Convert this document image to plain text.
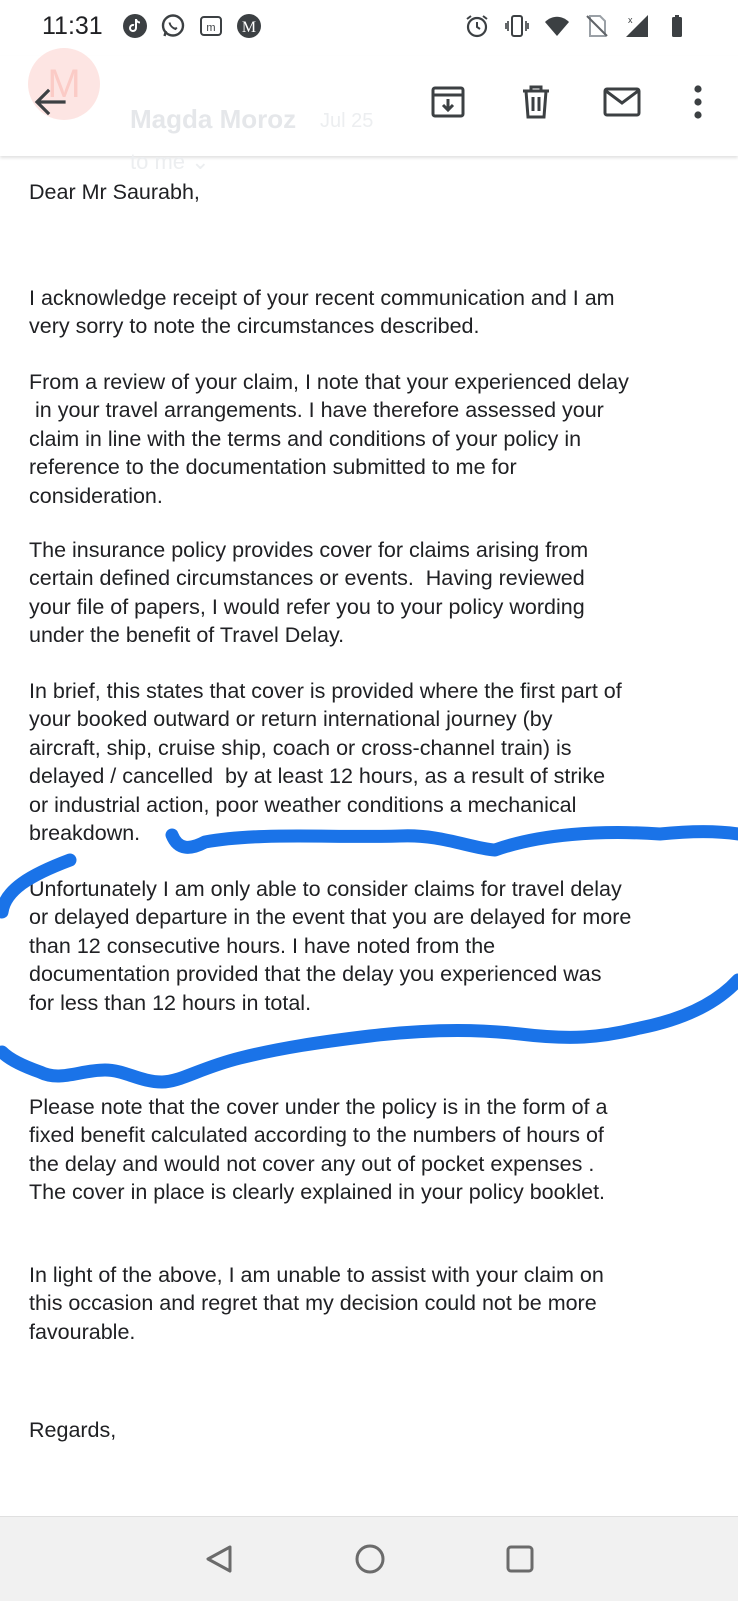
11:31	m M	x
M
Magda Moroz Jul 25
to me ⌄

Dear Mr Saurabh,

I acknowledge receipt of your recent communication and I am
very sorry to note the circumstances described.

From a review of your claim, I note that your experienced delay
in your travel arrangements. I have therefore assessed your
claim in line with the terms and conditions of your policy in
reference to the documentation submitted to me for
consideration.

The insurance policy provides cover for claims arising from
certain defined circumstances or events.  Having reviewed
your file of papers, I would refer you to your policy wording
under the benefit of Travel Delay.

In brief, this states that cover is provided where the first part of
your booked outward or return international journey (by
aircraft, ship, cruise ship, coach or cross-channel train) is
delayed / cancelled  by at least 12 hours, as a result of strike
or industrial action, poor weather conditions a mechanical
breakdown.

Unfortunately I am only able to consider claims for travel delay
or delayed departure in the event that you are delayed for more
than 12 consecutive hours. I have noted from the
documentation provided that the delay you experienced was
for less than 12 hours in total.

Please note that the cover under the policy is in the form of a
fixed benefit calculated according to the numbers of hours of
the delay and would not cover any out of pocket expenses .
The cover in place is clearly explained in your policy booklet.

In light of the above, I am unable to assist with your claim on
this occasion and regret that my decision could not be more
favourable.

Regards,
